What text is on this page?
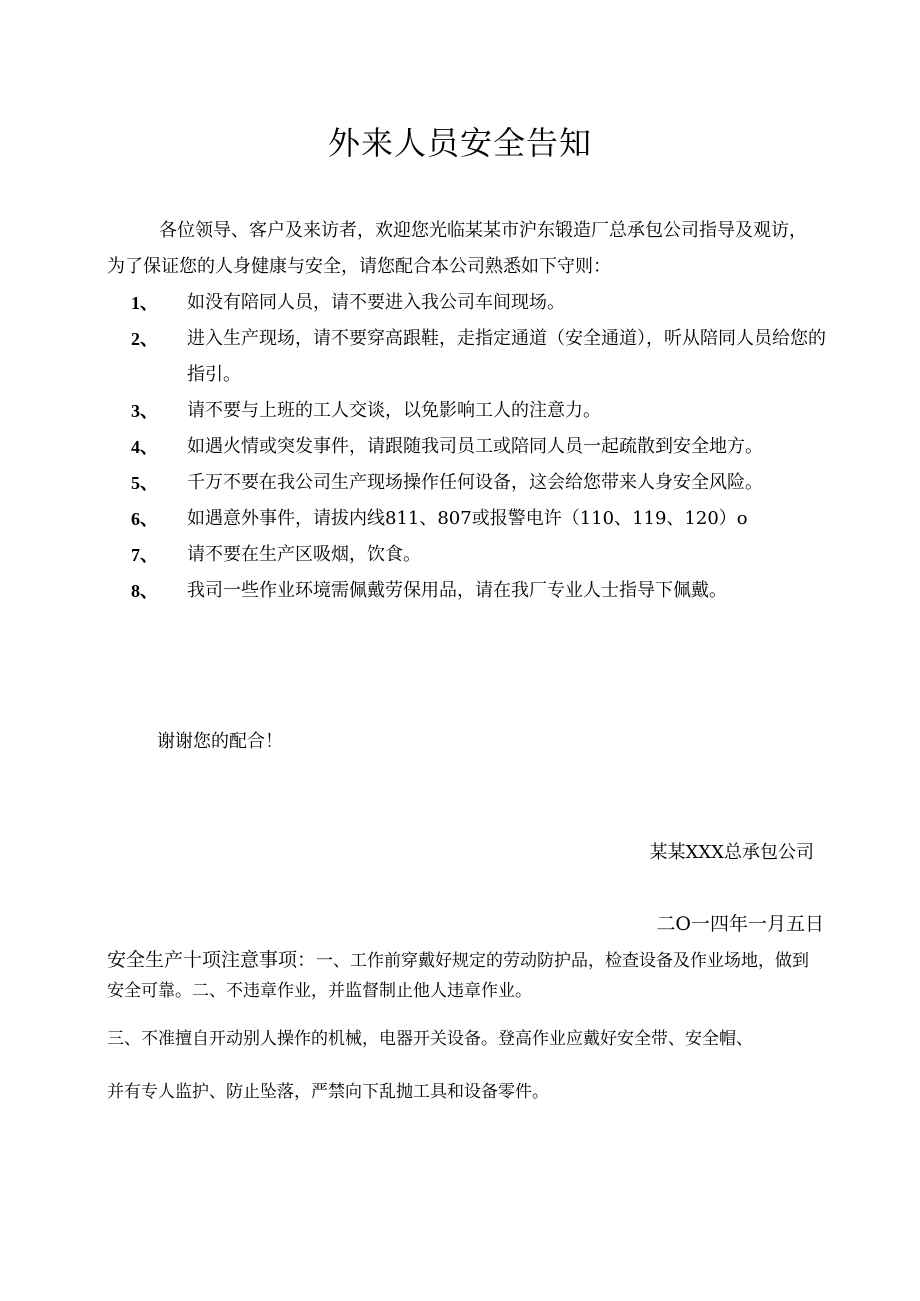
外来人员安全告知
各位领导、客户及来访者，欢迎您光临某某市沪东锻造厂总承包公司指导及观访，为了保证您的人身健康与安全，请您配合本公司熟悉如下守则：
1、 如没有陪同人员，请不要进入我公司车间现场。
2、 进入生产现场，请不要穿高跟鞋，走指定通道（安全通道），听从陪同人员给您的指引。
3、 请不要与上班的工人交谈，以免影响工人的注意力。
4、 如遇火情或突发事件，请跟随我司员工或陪同人员一起疏散到安全地方。
5、 千万不要在我公司生产现场操作任何设备，这会给您带来人身安全风险。
6、 如遇意外事件，请拔内线811、807或报警电许（110、119、120）o
7、 请不要在生产区吸烟，饮食。
8、 我司一些作业环境需佩戴劳保用品，请在我厂专业人士指导下佩戴。
谢谢您的配合！
某某XXX总承包公司
二O一四年一月五日
安全生产十项注意事项：一、工作前穿戴好规定的劳动防护品，检查设备及作业场地，做到安全可靠。二、不违章作业，并监督制止他人违章作业。
三、不准擅自开动别人操作的机械，电器开关设备。登高作业应戴好安全带、安全帽、
并有专人监护、防止坠落，严禁向下乱抛工具和设备零件。
